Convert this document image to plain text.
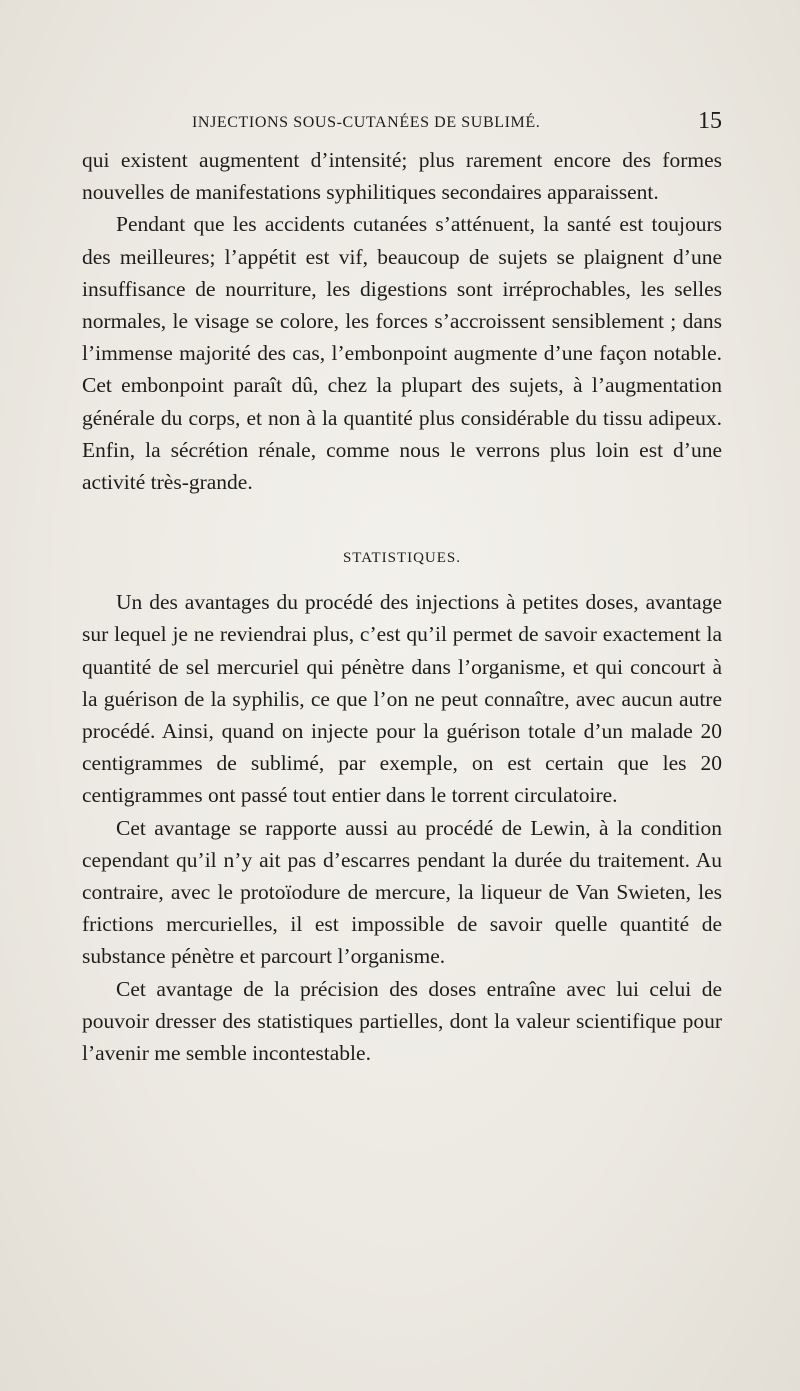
INJECTIONS SOUS-CUTANÉES DE SUBLIMÉ.	15

qui existent augmentent d’intensité; plus rarement encore des formes nouvelles de manifestations syphilitiques secondaires apparaissent.

Pendant que les accidents cutanées s’atténuent, la santé est toujours des meilleures; l’appétit est vif, beaucoup de sujets se plaignent d’une insuffisance de nourriture, les digestions sont irréprochables, les selles normales, le visage se colore, les forces s’accroissent sensiblement ; dans l’immense majorité des cas, l’embonpoint augmente d’une façon notable. Cet embonpoint paraît dû, chez la plupart des sujets, à l’augmentation générale du corps, et non à la quantité plus considérable du tissu adipeux. Enfin, la sécrétion rénale, comme nous le verrons plus loin est d’une activité très-grande.

STATISTIQUES.

Un des avantages du procédé des injections à petites doses, avantage sur lequel je ne reviendrai plus, c’est qu’il permet de savoir exactement la quantité de sel mercuriel qui pénètre dans l’organisme, et qui concourt à la guérison de la syphilis, ce que l’on ne peut connaître, avec aucun autre procédé. Ainsi, quand on injecte pour la guérison totale d’un malade 20 centigrammes de sublimé, par exemple, on est certain que les 20 centigrammes ont passé tout entier dans le torrent circulatoire.

Cet avantage se rapporte aussi au procédé de Lewin, à la condition cependant qu’il n’y ait pas d’escarres pendant la durée du traitement. Au contraire, avec le protoïodure de mercure, la liqueur de Van Swieten, les frictions mercurielles, il est impossible de savoir quelle quantité de substance pénètre et parcourt l’organisme.

Cet avantage de la précision des doses entraîne avec lui celui de pouvoir dresser des statistiques partielles, dont la valeur scientifique pour l’avenir me semble incontestable.
